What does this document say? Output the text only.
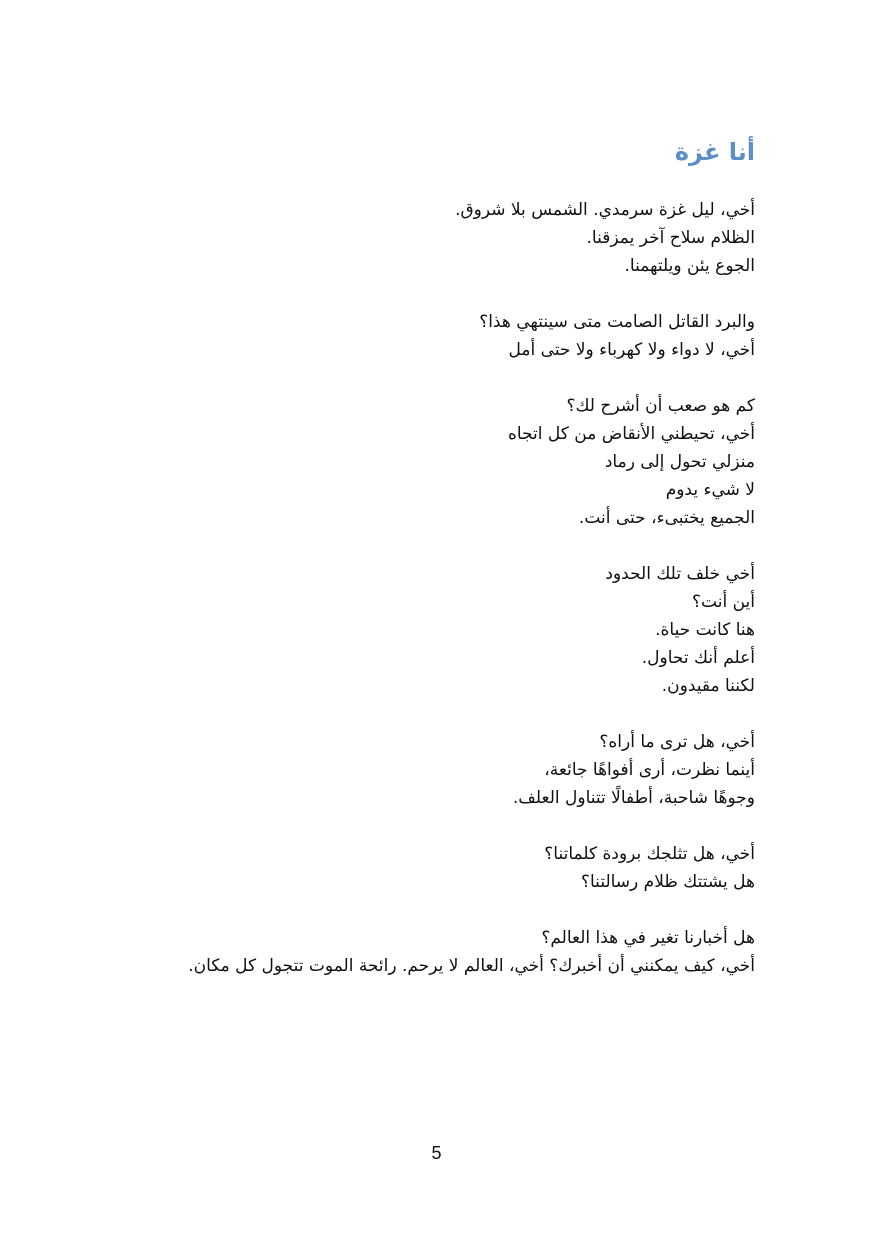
أنا غزة

أخي، ليل غزة سرمدي. الشمس بلا شروق.
الظلام سلاح آخر يمزقنا.
الجوع يئن ويلتهمنا.

والبرد القاتل الصامت متى سينتهي هذا؟
أخي، لا دواء ولا كهرباء ولا حتى أمل

كم هو صعب أن أشرح لك؟
أخي، تحيطني الأنقاض من كل اتجاه
منزلي تحول إلى رماد
لا شيء يدوم
الجميع يختبىء، حتى أنت.

أخي خلف تلك الحدود
أين أنت؟
هنا كانت حياة.
أعلم أنك تحاول.
لكننا مقيدون.

أخي، هل ترى ما أراه؟
أينما نظرت، أرى أفواهًا جائعة،
وجوهًا شاحبة، أطفالًا تتناول العلف.

أخي، هل تثلجك برودة كلماتنا؟
هل يشتتك ظلام رسالتنا؟

هل أخبارنا تغير في هذا العالم؟
أخي، كيف يمكنني أن أخبرك؟ أخي، العالم لا يرحم. رائحة الموت تتجول كل مكان.

5
